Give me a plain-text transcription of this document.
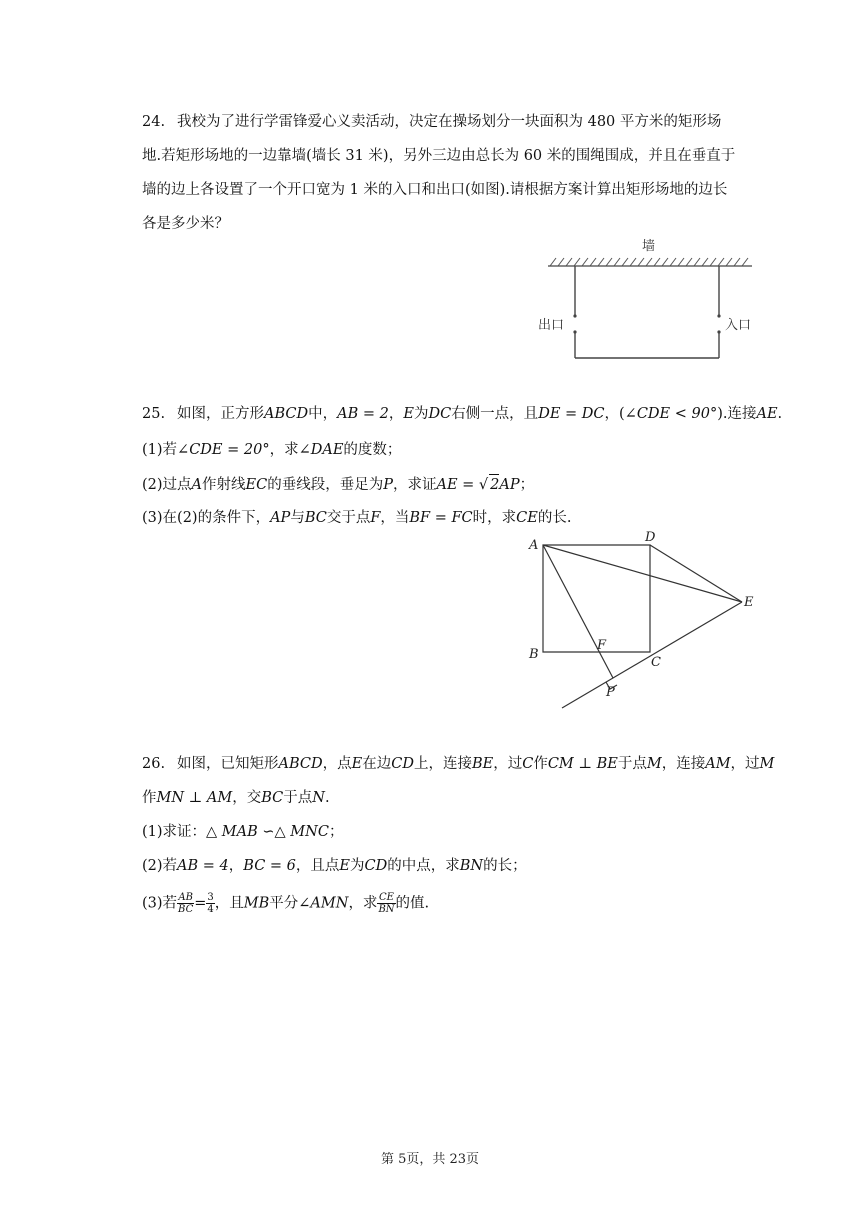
24. 我校为了进行学雷锋爱心义卖活动，决定在操场划分一块面积为 480 平方米的矩形场
地.若矩形场地的一边靠墙(墙长 31 米)，另外三边由总长为 60 米的围绳围成，并且在垂直于
墙的边上各设置了一个开口宽为 1 米的入口和出口(如图).请根据方案计算出矩形场地的边长
各是多少米？
墙
出口	入口
25. 如图，正方形ABCD中，AB = 2，E为DC右侧一点，且DE = DC，(∠CDE < 90°).连接AE.
(1)若∠CDE = 20°，求∠DAE的度数；
(2)过点A作射线EC的垂线段，垂足为P，求证AE = √ 2AP；
(3)在(2)的条件下，AP与BC交于点F，当BF = FC时，求CE的长.
A
D
E
B
F
C
P
26. 如图，已知矩形ABCD，点E在边CD上，连接BE，过C作CM ⊥ BE于点M，连接AM，过M
作MN ⊥ AM，交BC于点N.
(1)求证：△ MAB ∽△ MNC；
(2)若AB = 4，BC = 6，且点E为CD的中点，求BN的长；
(3)若 $\frac{AB}{BC} = \frac{3}{4}$ ，且MB平分∠AMN，求 $\frac{CE}{BN}$ 的值.
第 5页，共 23页
